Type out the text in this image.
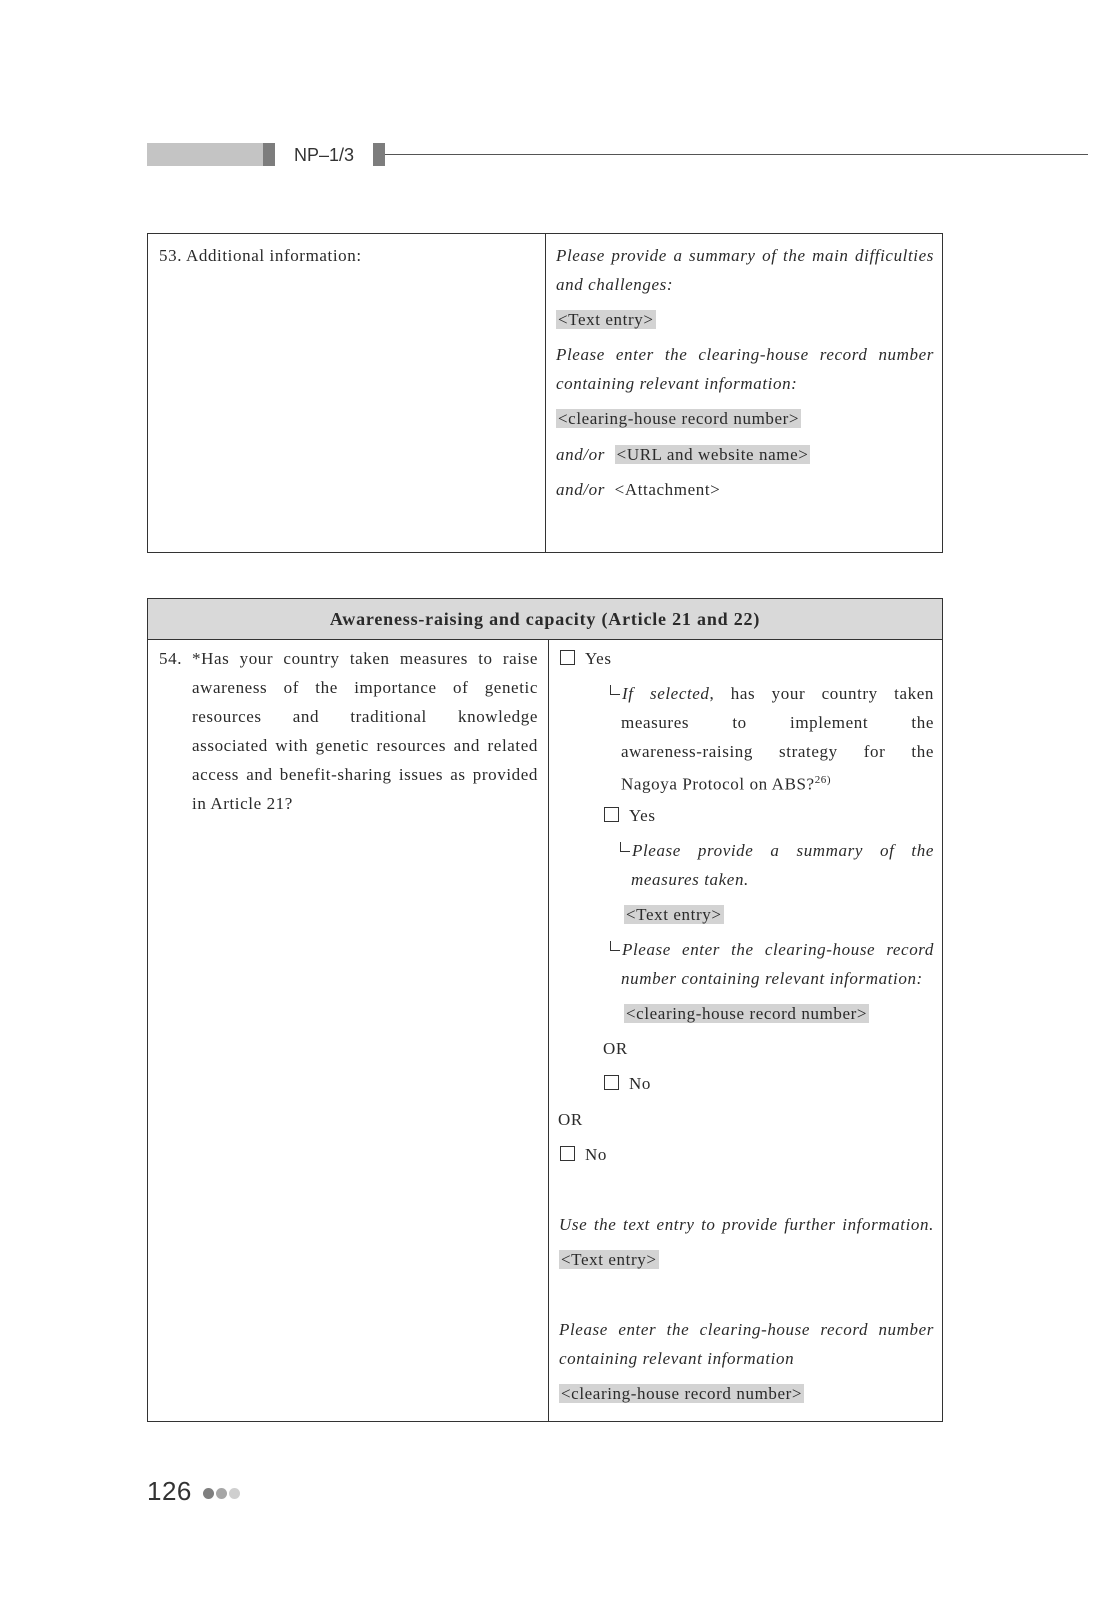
NP–1/3
53. Additional information:	Please provide a summary of the main difficulties
and challenges:
<Text entry>
Please enter the clearing-house record number
containing relevant information:
<clearing-house record number>
and/or <URL and website name>
and/or <Attachment>
Awareness-raising and capacity (Article 21 and 22)
54. *Has your country taken measures to raise
awareness of the importance of genetic
resources and traditional knowledge
associated with genetic resources and related
access and benefit-sharing issues as provided
in Article 21?
Yes
If selected, has your country taken
measures to implement the
awareness-raising strategy for the
Nagoya Protocol on ABS?$^{26)}$
Yes
Please provide a summary of the
measures taken.
<Text entry>
Please enter the clearing-house record
number containing relevant information:
<clearing-house record number>
OR
No
OR
No
Use the text entry to provide further information.
<Text entry>
Please enter the clearing-house record number
containing relevant information
<clearing-house record number>
126
